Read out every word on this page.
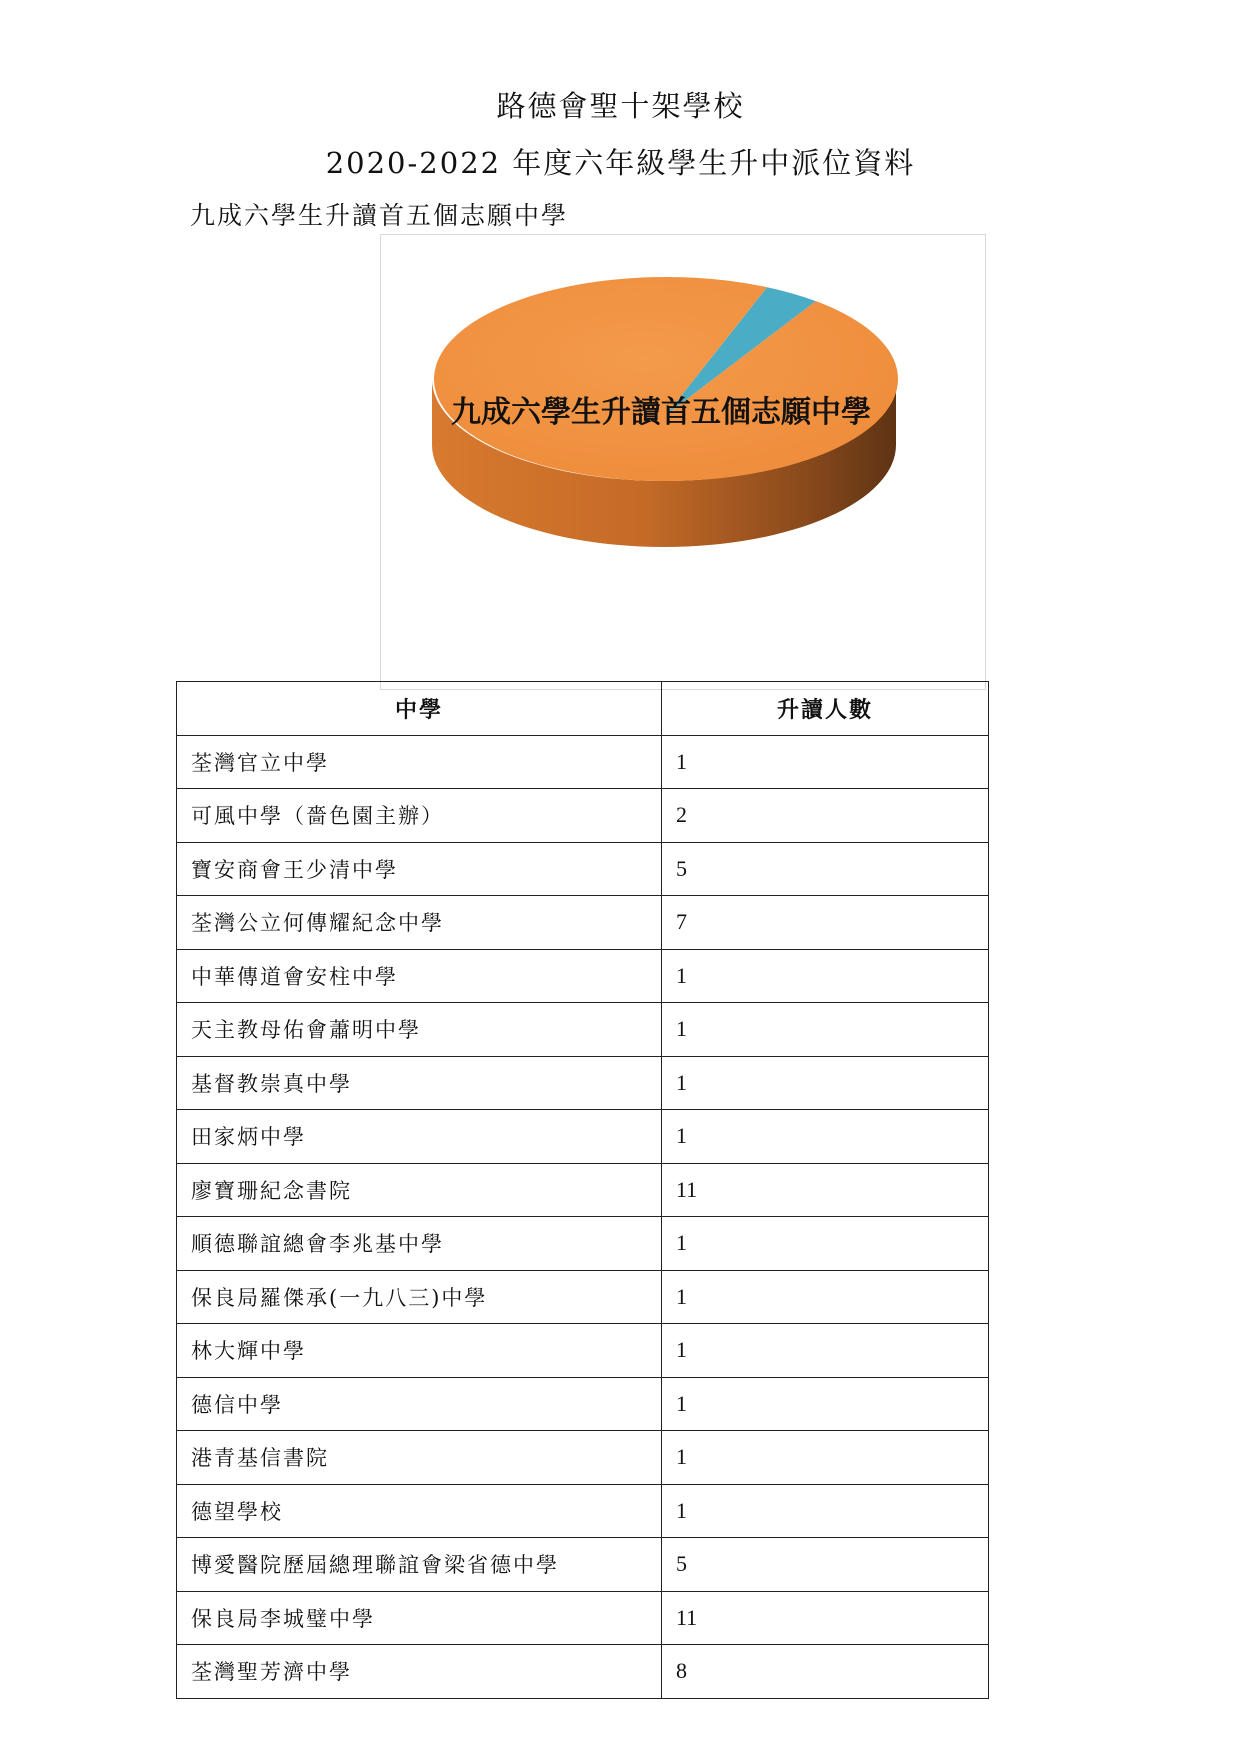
路德會聖十架學校
2020-2022 年度六年級學生升中派位資料
九成六學生升讀首五個志願中學
九成六學生升讀首五個志願中學
中學	升讀人數
荃灣官立中學	1
可風中學（嗇色園主辦）	2
寶安商會王少清中學	5
荃灣公立何傳耀紀念中學	7
中華傳道會安柱中學	1
天主教母佑會蕭明中學	1
基督教崇真中學	1
田家炳中學	1
廖寶珊紀念書院	11
順德聯誼總會李兆基中學	1
保良局羅傑承(一九八三)中學	1
林大輝中學	1
德信中學	1
港青基信書院	1
德望學校	1
博愛醫院歷屆總理聯誼會梁省德中學	5
保良局李城璧中學	11
荃灣聖芳濟中學	8
